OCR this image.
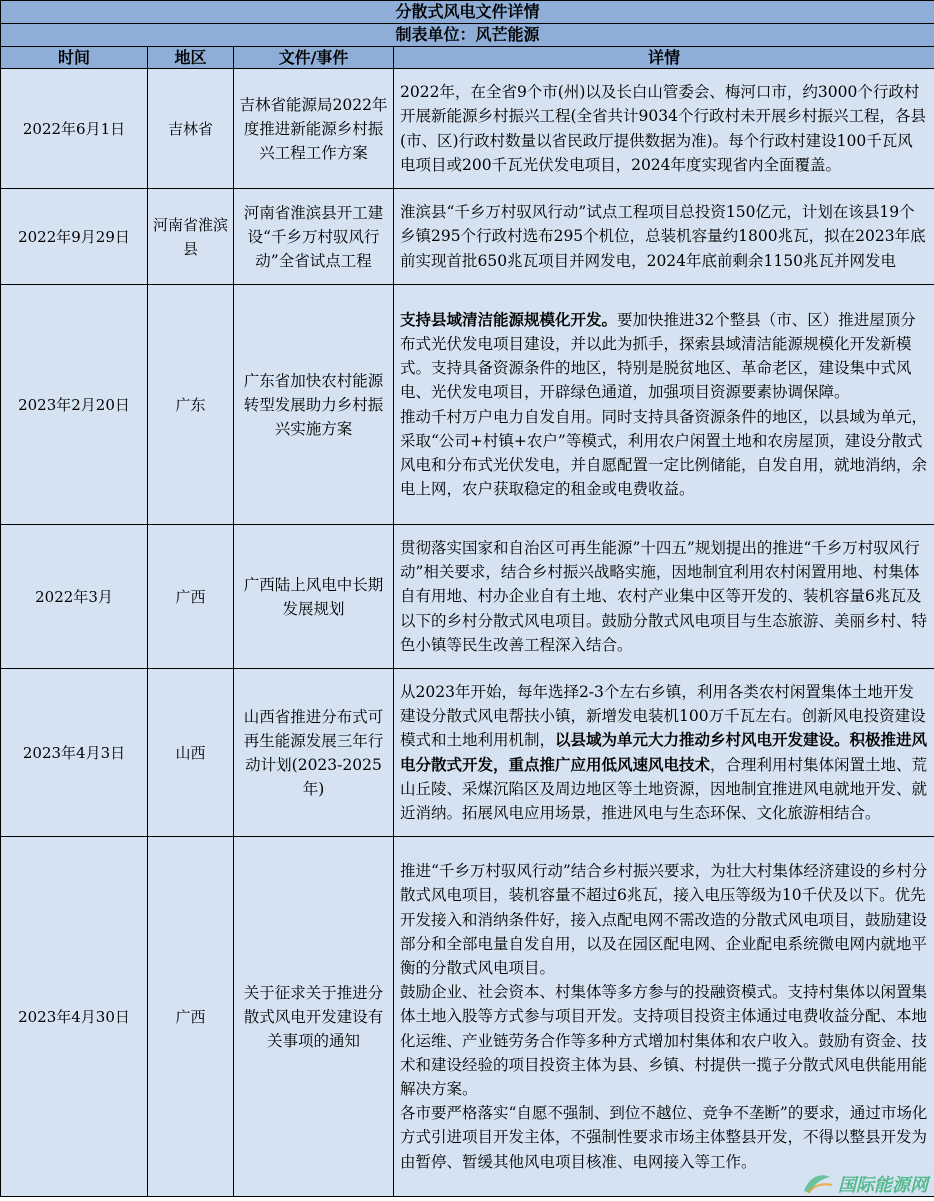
分散式风电文件详情			
制表单位：风芒能源			
时间	地区	文件/事件	详情
2022年6月1日	吉林省	吉林省能源局2022年度推进新能源乡村振兴工程工作方案	2022年，在全省9个市(州)以及长白山管委会、梅河口市，约3000个行政村开展新能源乡村振兴工程(全省共计9034个行政村未开展乡村振兴工程，各县(市、区)行政村数量以省民政厅提供数据为准)。每个行政村建设100千瓦风电项目或200千瓦光伏发电项目，2024年度实现省内全面覆盖。

2022年9月29日	河南省淮滨县	河南省淮滨县开工建设“千乡万村驭风行动”全省试点工程	淮滨县“千乡万村驭风行动”试点工程项目总投资150亿元，计划在该县19个乡镇295个行政村选布295个机位，总装机容量约1800兆瓦，拟在2023年底前实现首批650兆瓦项目并网发电，2024年底前剩余1150兆瓦并网发电

2023年2月20日	广东	广东省加快农村能源转型发展助力乡村振兴实施方案	支持县域清洁能源规模化开发。要加快推进32个整县（市、区）推进屋顶分布式光伏发电项目建设，并以此为抓手，探索县域清洁能源规模化开发新模式。支持具备资源条件的地区，特别是脱贫地区、革命老区，建设集中式风电、光伏发电项目，开辟绿色通道，加强项目资源要素协调保障。

推动千村万户电力自发自用。同时支持具备资源条件的地区，以县域为单元，采取“公司+村镇+农户”等模式，利用农户闲置土地和农房屋顶，建设分散式风电和分布式光伏发电，并自愿配置一定比例储能，自发自用，就地消纳，余电上网，农户获取稳定的租金或电费收益。

2022年3月	广西	广西陆上风电中长期发展规划	贯彻落实国家和自治区可再生能源”十四五”规划提出的推进“千乡万村驭风行动”相关要求，结合乡村振兴战略实施，因地制宜利用农村闲置用地、村集体自有用地、村办企业自有土地、农村产业集中区等开发的、装机容量6兆瓦及以下的乡村分散式风电项目。鼓励分散式风电项目与生态旅游、美丽乡村、特色小镇等民生改善工程深入结合。

2023年4月3日	山西	山西省推进分布式可再生能源发展三年行动计划(2023-2025年)	从2023年开始，每年选择2-3个左右乡镇，利用各类农村闲置集体土地开发建设分散式风电帮扶小镇，新增发电装机100万千瓦左右。创新风电投资建设模式和土地利用机制，以县域为单元大力推动乡村风电开发建设。积极推进风电分散式开发，重点推广应用低风速风电技术，合理利用村集体闲置土地、荒山丘陵、采煤沉陷区及周边地区等土地资源，因地制宜推进风电就地开发、就近消纳。拓展风电应用场景，推进风电与生态环保、文化旅游相结合。

2023年4月30日	广西	关于征求关于推进分散式风电开发建设有关事项的通知	推进“千乡万村驭风行动”结合乡村振兴要求，为壮大村集体经济建设的乡村分散式风电项目，装机容量不超过6兆瓦，接入电压等级为10千伏及以下。优先开发接入和消纳条件好，接入点配电网不需改造的分散式风电项目，鼓励建设部分和全部电量自发自用，以及在园区配电网、企业配电系统微电网内就地平衡的分散式风电项目。

鼓励企业、社会资本、村集体等多方参与的投融资模式。支持村集体以闲置集体土地入股等方式参与项目开发。支持项目投资主体通过电费收益分配、本地化运维、产业链劳务合作等多种方式增加村集体和农户收入。鼓励有资金、技术和建设经验的项目投资主体为县、乡镇、村提供一揽子分散式风电供能用能解决方案。

各市要严格落实“自愿不强制、到位不越位、竞争不垄断”的要求，通过市场化方式引进项目开发主体，不强制性要求市场主体整县开发，不得以整县开发为由暂停、暂缓其他风电项目核准、电网接入等工作。

国际能源网
